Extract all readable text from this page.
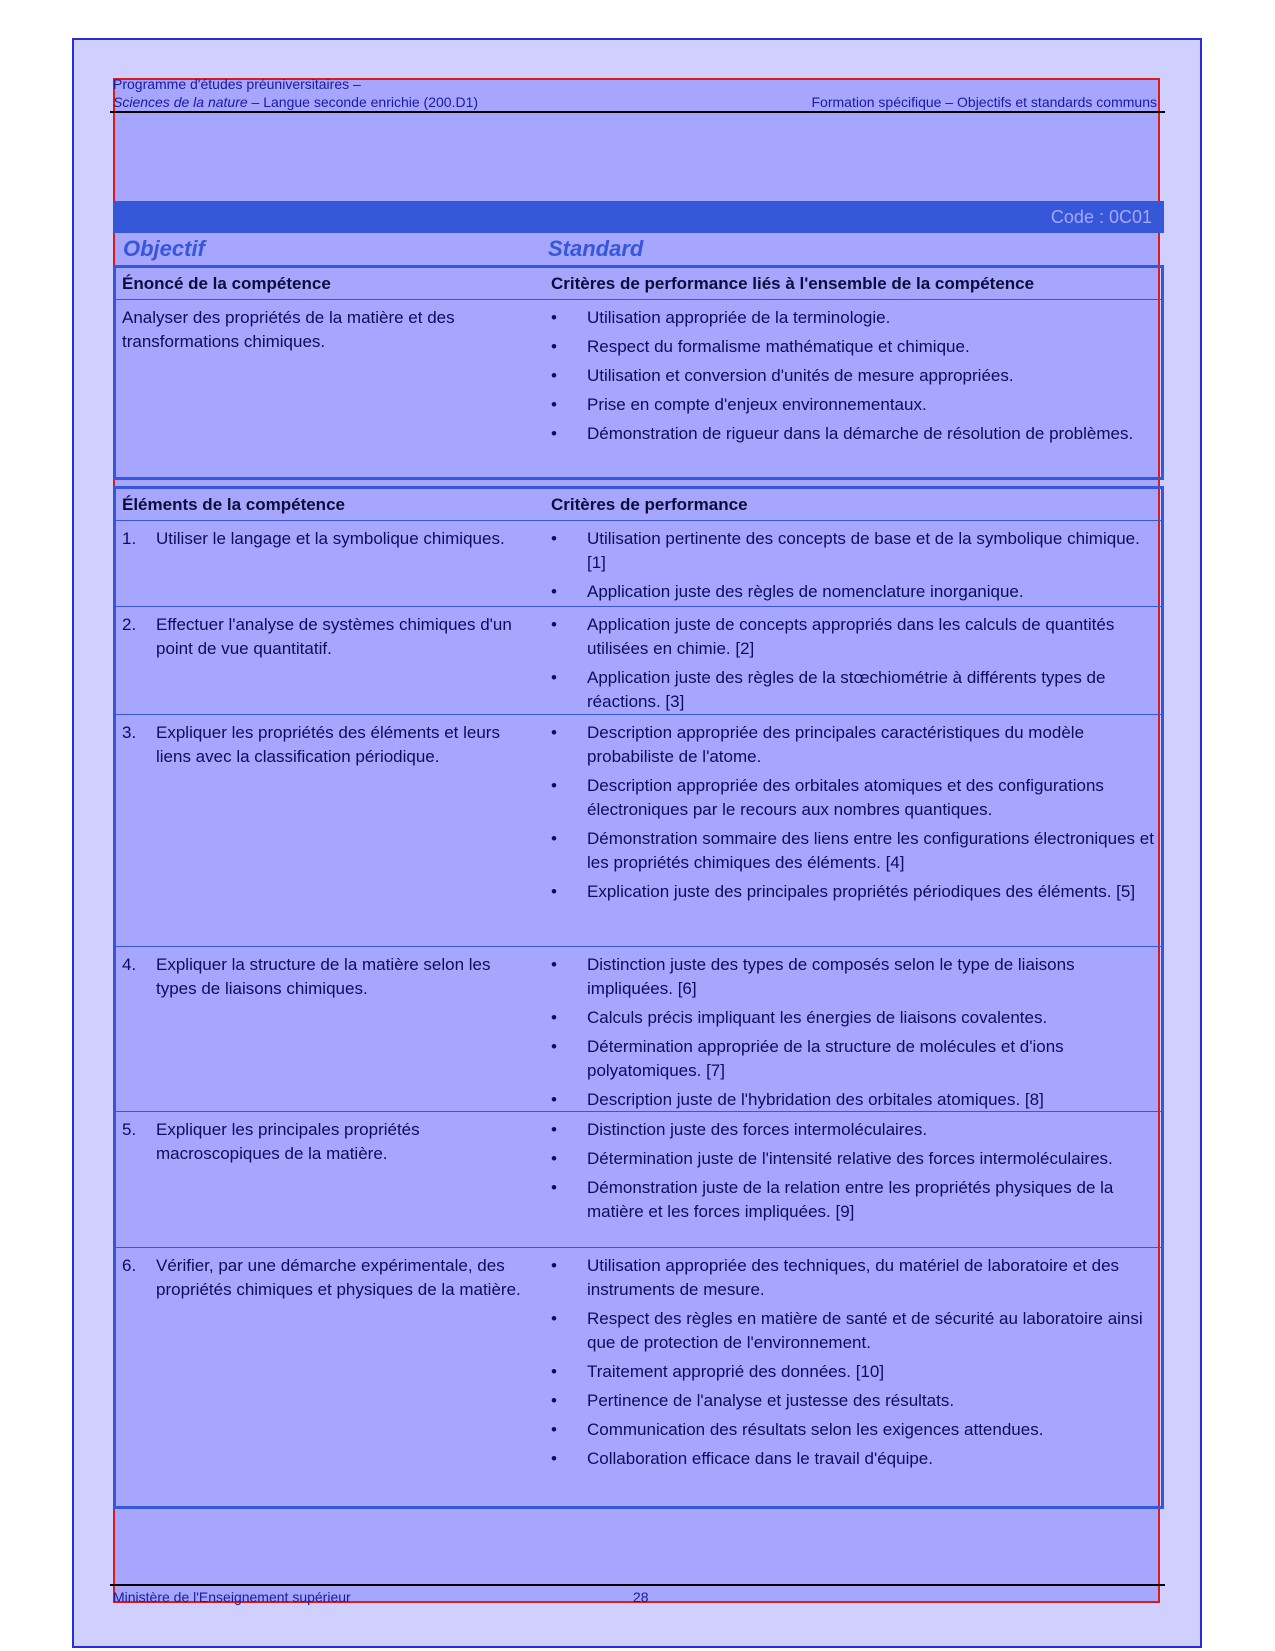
Programme d'études préuniversitaires –
Sciences de la nature – Langue seconde enrichie (200.D1)	Formation spécifique – Objectifs et standards communs
Code : 0C01
Objectif	Standard
Énoncé de la compétence	Critères de performance liés à l'ensemble de la compétence
Analyser des propriétés de la matière et des transformations chimiques.
• Utilisation appropriée de la terminologie.
• Respect du formalisme mathématique et chimique.
• Utilisation et conversion d'unités de mesure appropriées.
• Prise en compte d'enjeux environnementaux.
• Démonstration de rigueur dans la démarche de résolution de problèmes.
Éléments de la compétence	Critères de performance
1. Utiliser le langage et la symbolique chimiques.
•	Utilisation pertinente des concepts de base et de la symbolique chimique. [1]
• Application juste des règles de nomenclature inorganique.
2. Effectuer l'analyse de systèmes chimiques d'un point de vue quantitatif.
• Application juste de concepts appropriés dans les calculs de quantités utilisées en chimie. [2]
• Application juste des règles de la stœchiométrie à différents types de réactions. [3]
3. Expliquer les propriétés des éléments et leurs liens avec la classification périodique.
• Description appropriée des principales caractéristiques du modèle probabiliste de l'atome.
• Description appropriée des orbitales atomiques et des configurations électroniques par le recours aux nombres quantiques.
• Démonstration sommaire des liens entre les configurations électroniques et les propriétés chimiques des éléments. [4]
• Explication juste des principales propriétés périodiques des éléments. [5]
4. Expliquer la structure de la matière selon les types de liaisons chimiques.
• Distinction juste des types de composés selon le type de liaisons impliquées. [6]
• Calculs précis impliquant les énergies de liaisons covalentes.
• Détermination appropriée de la structure de molécules et d'ions polyatomiques. [7]
• Description juste de l'hybridation des orbitales atomiques. [8]
5. Expliquer les principales propriétés macroscopiques de la matière.
• Distinction juste des forces intermoléculaires.
• Détermination juste de l'intensité relative des forces intermoléculaires.
• Démonstration juste de la relation entre les propriétés physiques de la matière et les forces impliquées. [9]
6. Vérifier, par une démarche expérimentale, des propriétés chimiques et physiques de la matière.
• Utilisation appropriée des techniques, du matériel de laboratoire et des instruments de mesure.
• Respect des règles en matière de santé et de sécurité au laboratoire ainsi que de protection de l'environnement.
• Traitement approprié des données. [10]
• Pertinence de l'analyse et justesse des résultats.
• Communication des résultats selon les exigences attendues.
• Collaboration efficace dans le travail d'équipe.
Ministère de l'Enseignement supérieur	28
